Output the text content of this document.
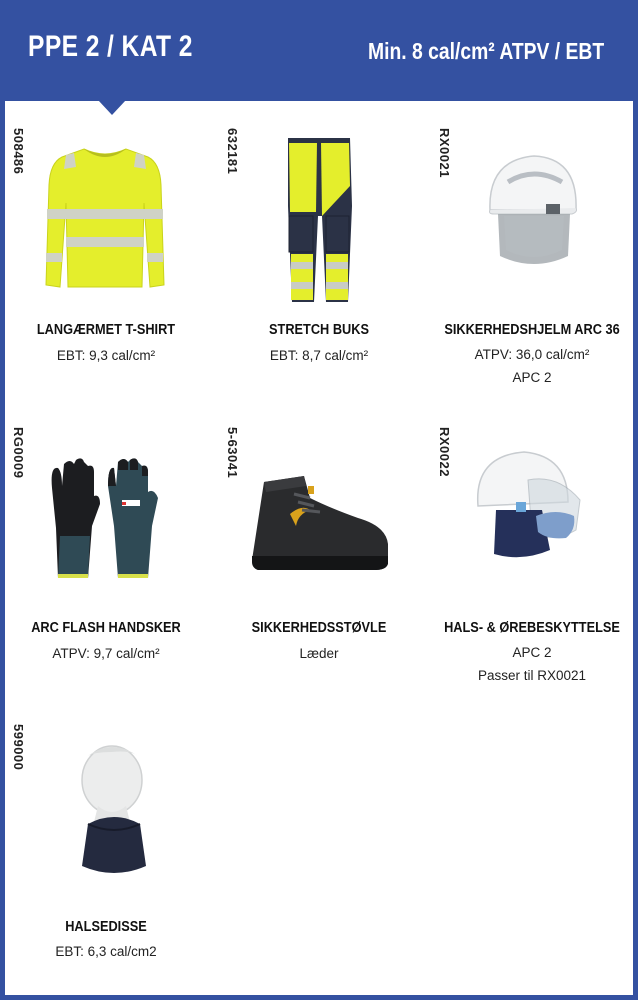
PPE 2 / KAT 2	Min. 8 cal/cm² ATPV / EBT
508486
LANGÆRMET T-SHIRT
EBT: 9,3 cal/cm²
632181
STRETCH BUKS
EBT: 8,7 cal/cm²
RX0021
SIKKERHEDSHJELM ARC 36
ATPV: 36,0 cal/cm²
APC 2
RG0009
ARC FLASH HANDSKER
ATPV: 9,7 cal/cm²
5-63041
SIKKERHEDSSTØVLE
Læder
RX0022
HALS- & ØREBESKYTTELSE
APC 2
Passer til RX0021
599000
HALSEDISSE
EBT: 6,3 cal/cm2
